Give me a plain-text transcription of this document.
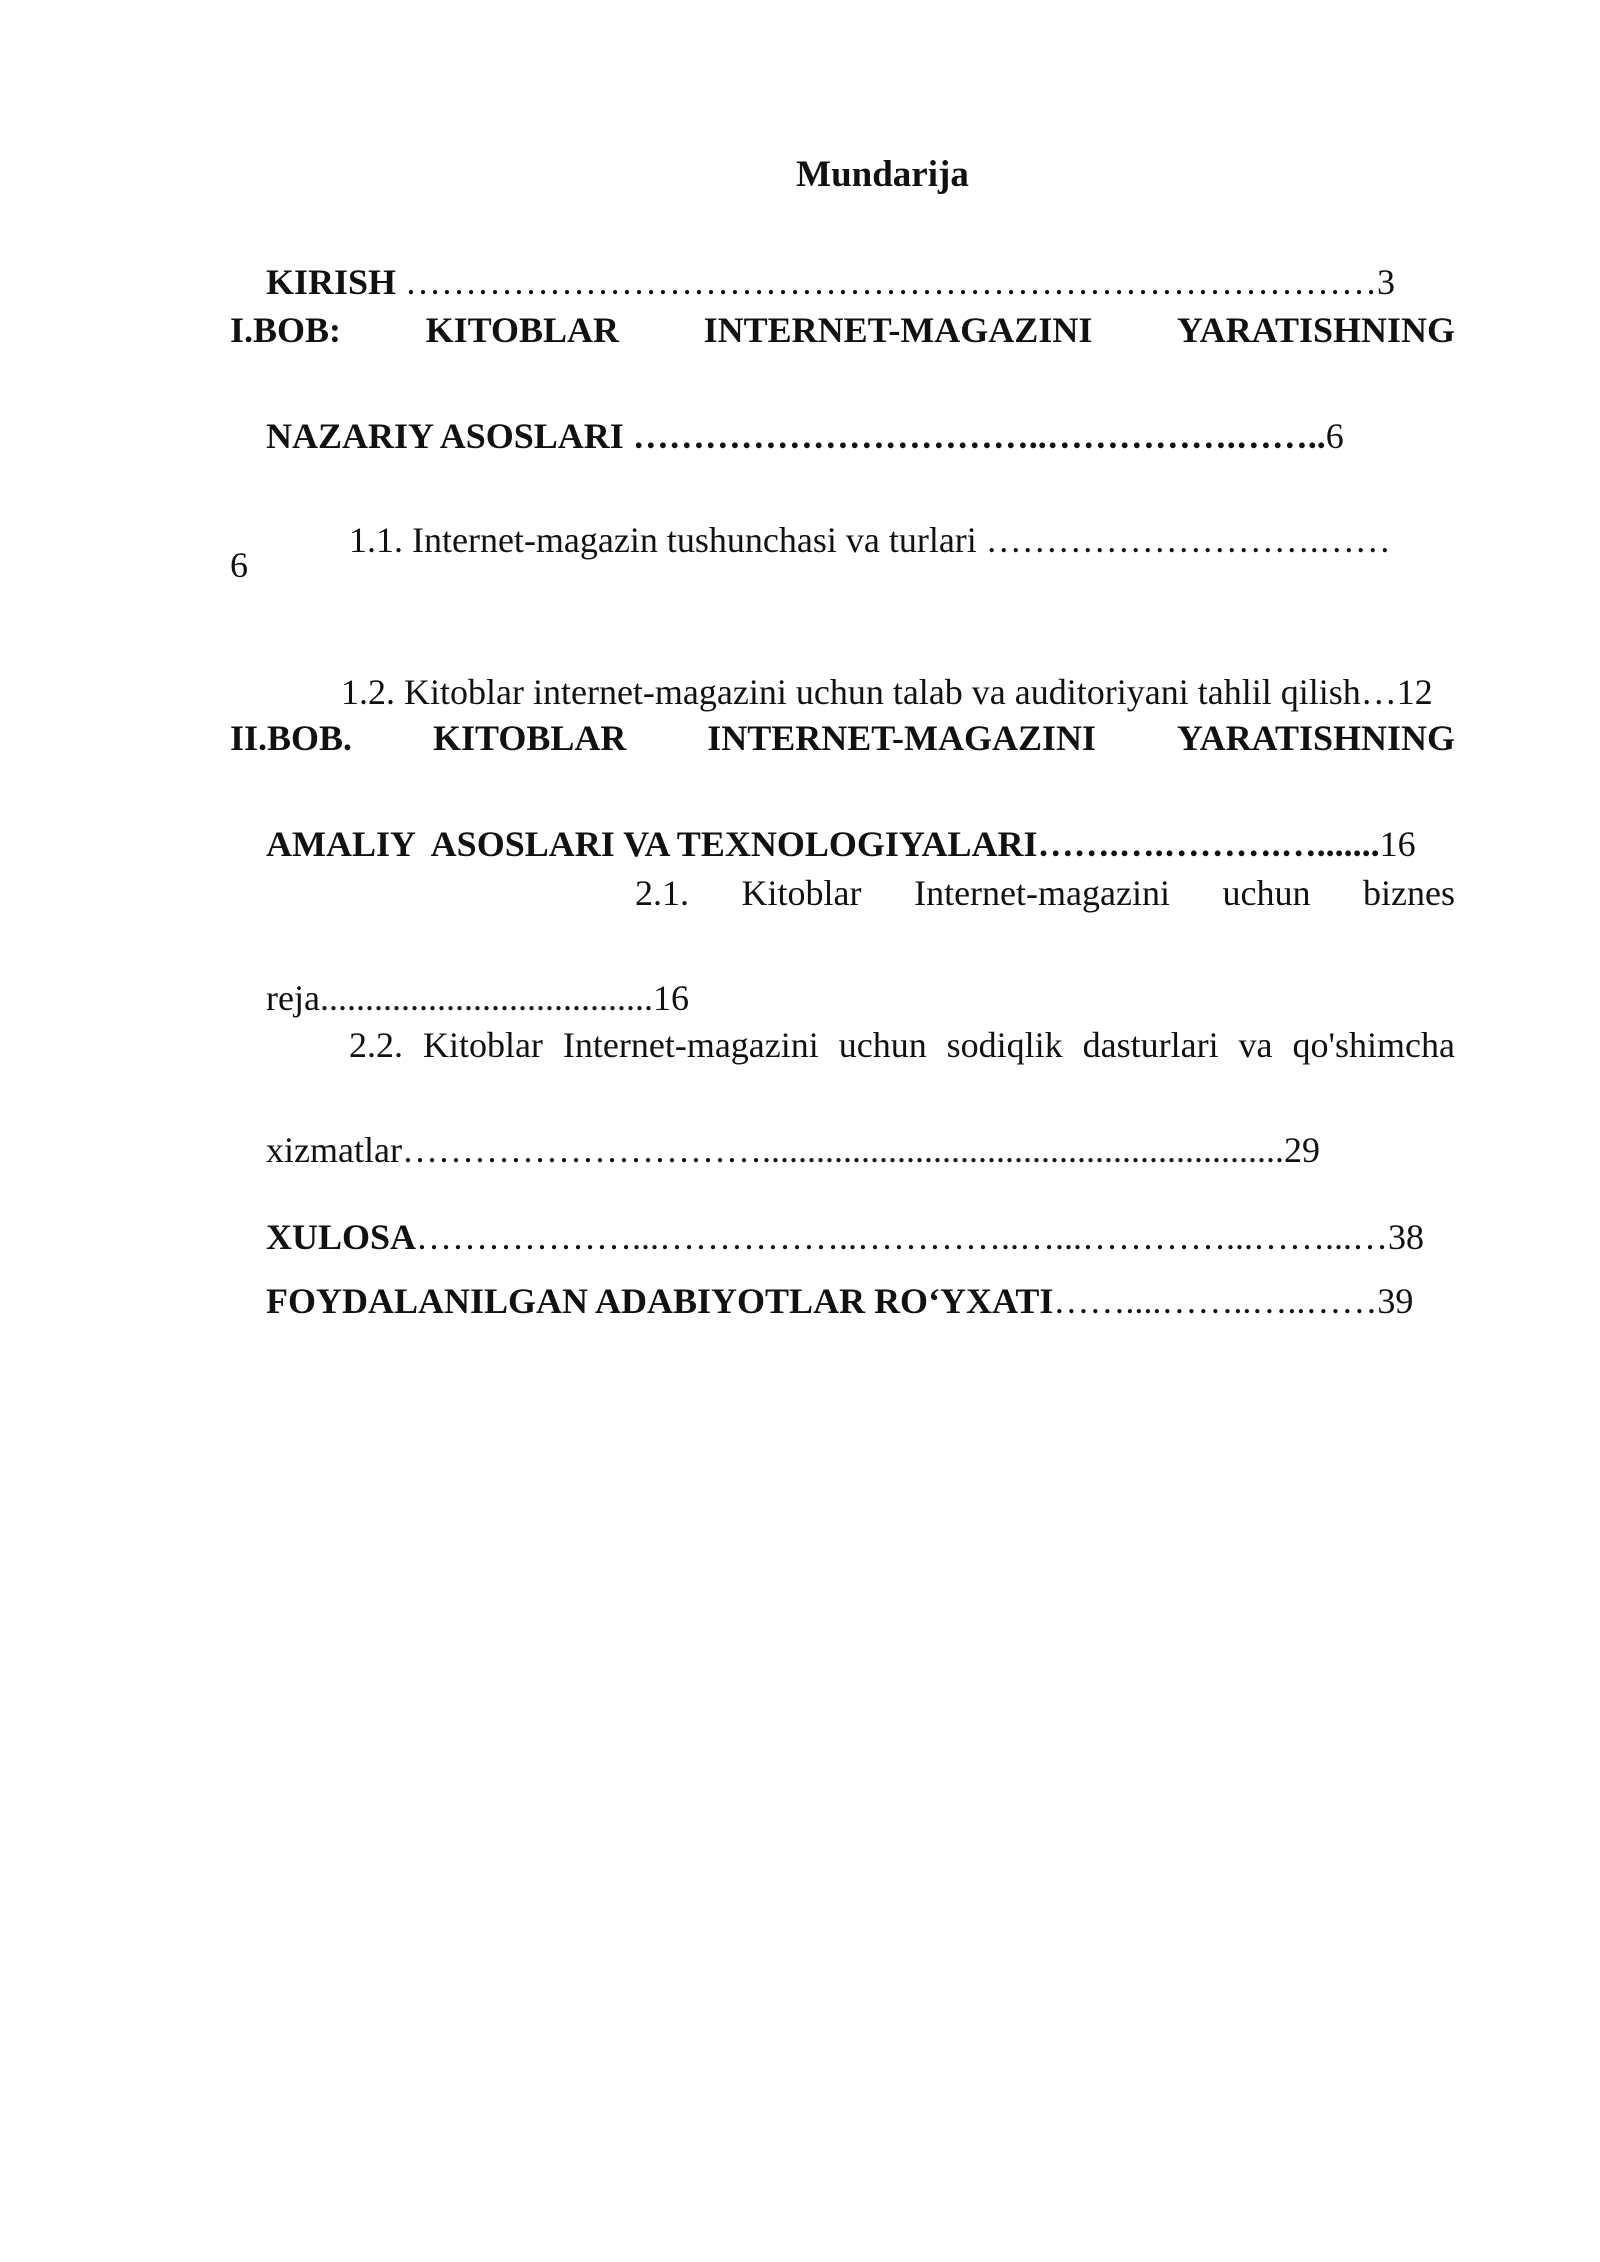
Mundarija

KIRISH ………………………………………………………………………3

I.BOB: KITOBLAR INTERNET-MAGAZINI YARATISHNING

NAZARIY ASOSLARI ……………………………..…………….……..6

1.1. Internet-magazin tushunchasi va turlari ……………………….……

6

1.2. Kitoblar internet-magazini uchun talab va auditoriyani tahlil qilish…12

II.BOB. KITOBLAR INTERNET-MAGAZINI YARATISHNING

AMALIY  ASOSLARI VA TEXNOLOGIYALARI…….….……….….......16

2.1. Kitoblar Internet-magazini uchun biznes

reja.....................................16

2.2. Kitoblar Internet-magazini uchun sodiqlik dasturlari va qo'shimcha

xizmatlar…………………………..........................................................29

XULOSA………………...……………..…………..…...…………...……...…38

FOYDALANILGAN ADABIYOTLAR RO‘YXATI……....……..…..……39
